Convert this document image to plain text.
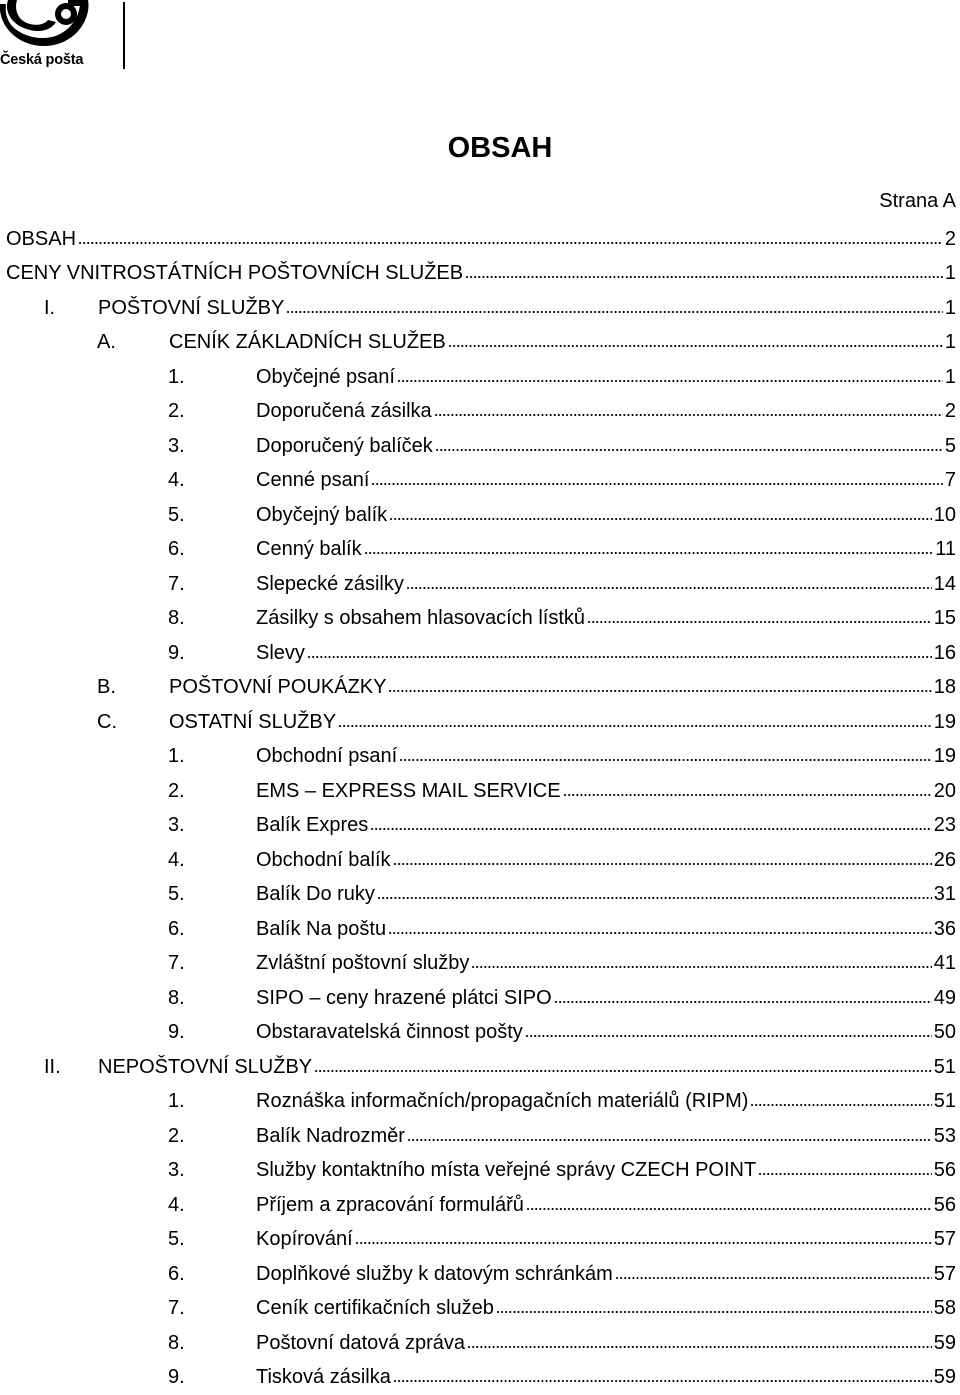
Česká pošta
OBSAH
Strana A
OBSAH	2
CENY VNITROSTÁTNÍCH POŠTOVNÍCH SLUŽEB	1
I. POŠTOVNÍ SLUŽBY	1
A.	CENÍK ZÁKLADNÍCH SLUŽEB	1
1.	Obyčejné psaní	1
2.	Doporučená zásilka	2
3.	Doporučený balíček	5
4.	Cenné psaní	7
5.	Obyčejný balík	10
6.	Cenný balík	11
7.	Slepecké zásilky	14
8.	Zásilky s obsahem hlasovacích lístků	15
9.	Slevy	16
B.	POŠTOVNÍ POUKÁZKY	18
C.	OSTATNÍ SLUŽBY	19
1.	Obchodní psaní	19
2.	EMS – EXPRESS MAIL SERVICE	20
3.	Balík Expres	23
4.	Obchodní balík	26
5.	Balík Do ruky	31
6.	Balík Na poštu	36
7.	Zvláštní poštovní služby	41
8.	SIPO – ceny hrazené plátci SIPO	49
9.	Obstaravatelská činnost pošty	50
II. NEPOŠTOVNÍ SLUŽBY	51
1.	Roznáška informačních/propagačních materiálů (RIPM)	51
2.	Balík Nadrozměr	53
3.	Služby kontaktního místa veřejné správy CZECH POINT	56
4.	Příjem a zpracování formulářů	56
5.	Kopírování	57
6.	Doplňkové služby k datovým schránkám	57
7.	Ceník certifikačních služeb	58
8.	Poštovní datová zpráva	59
9.	Tisková zásilka	59
